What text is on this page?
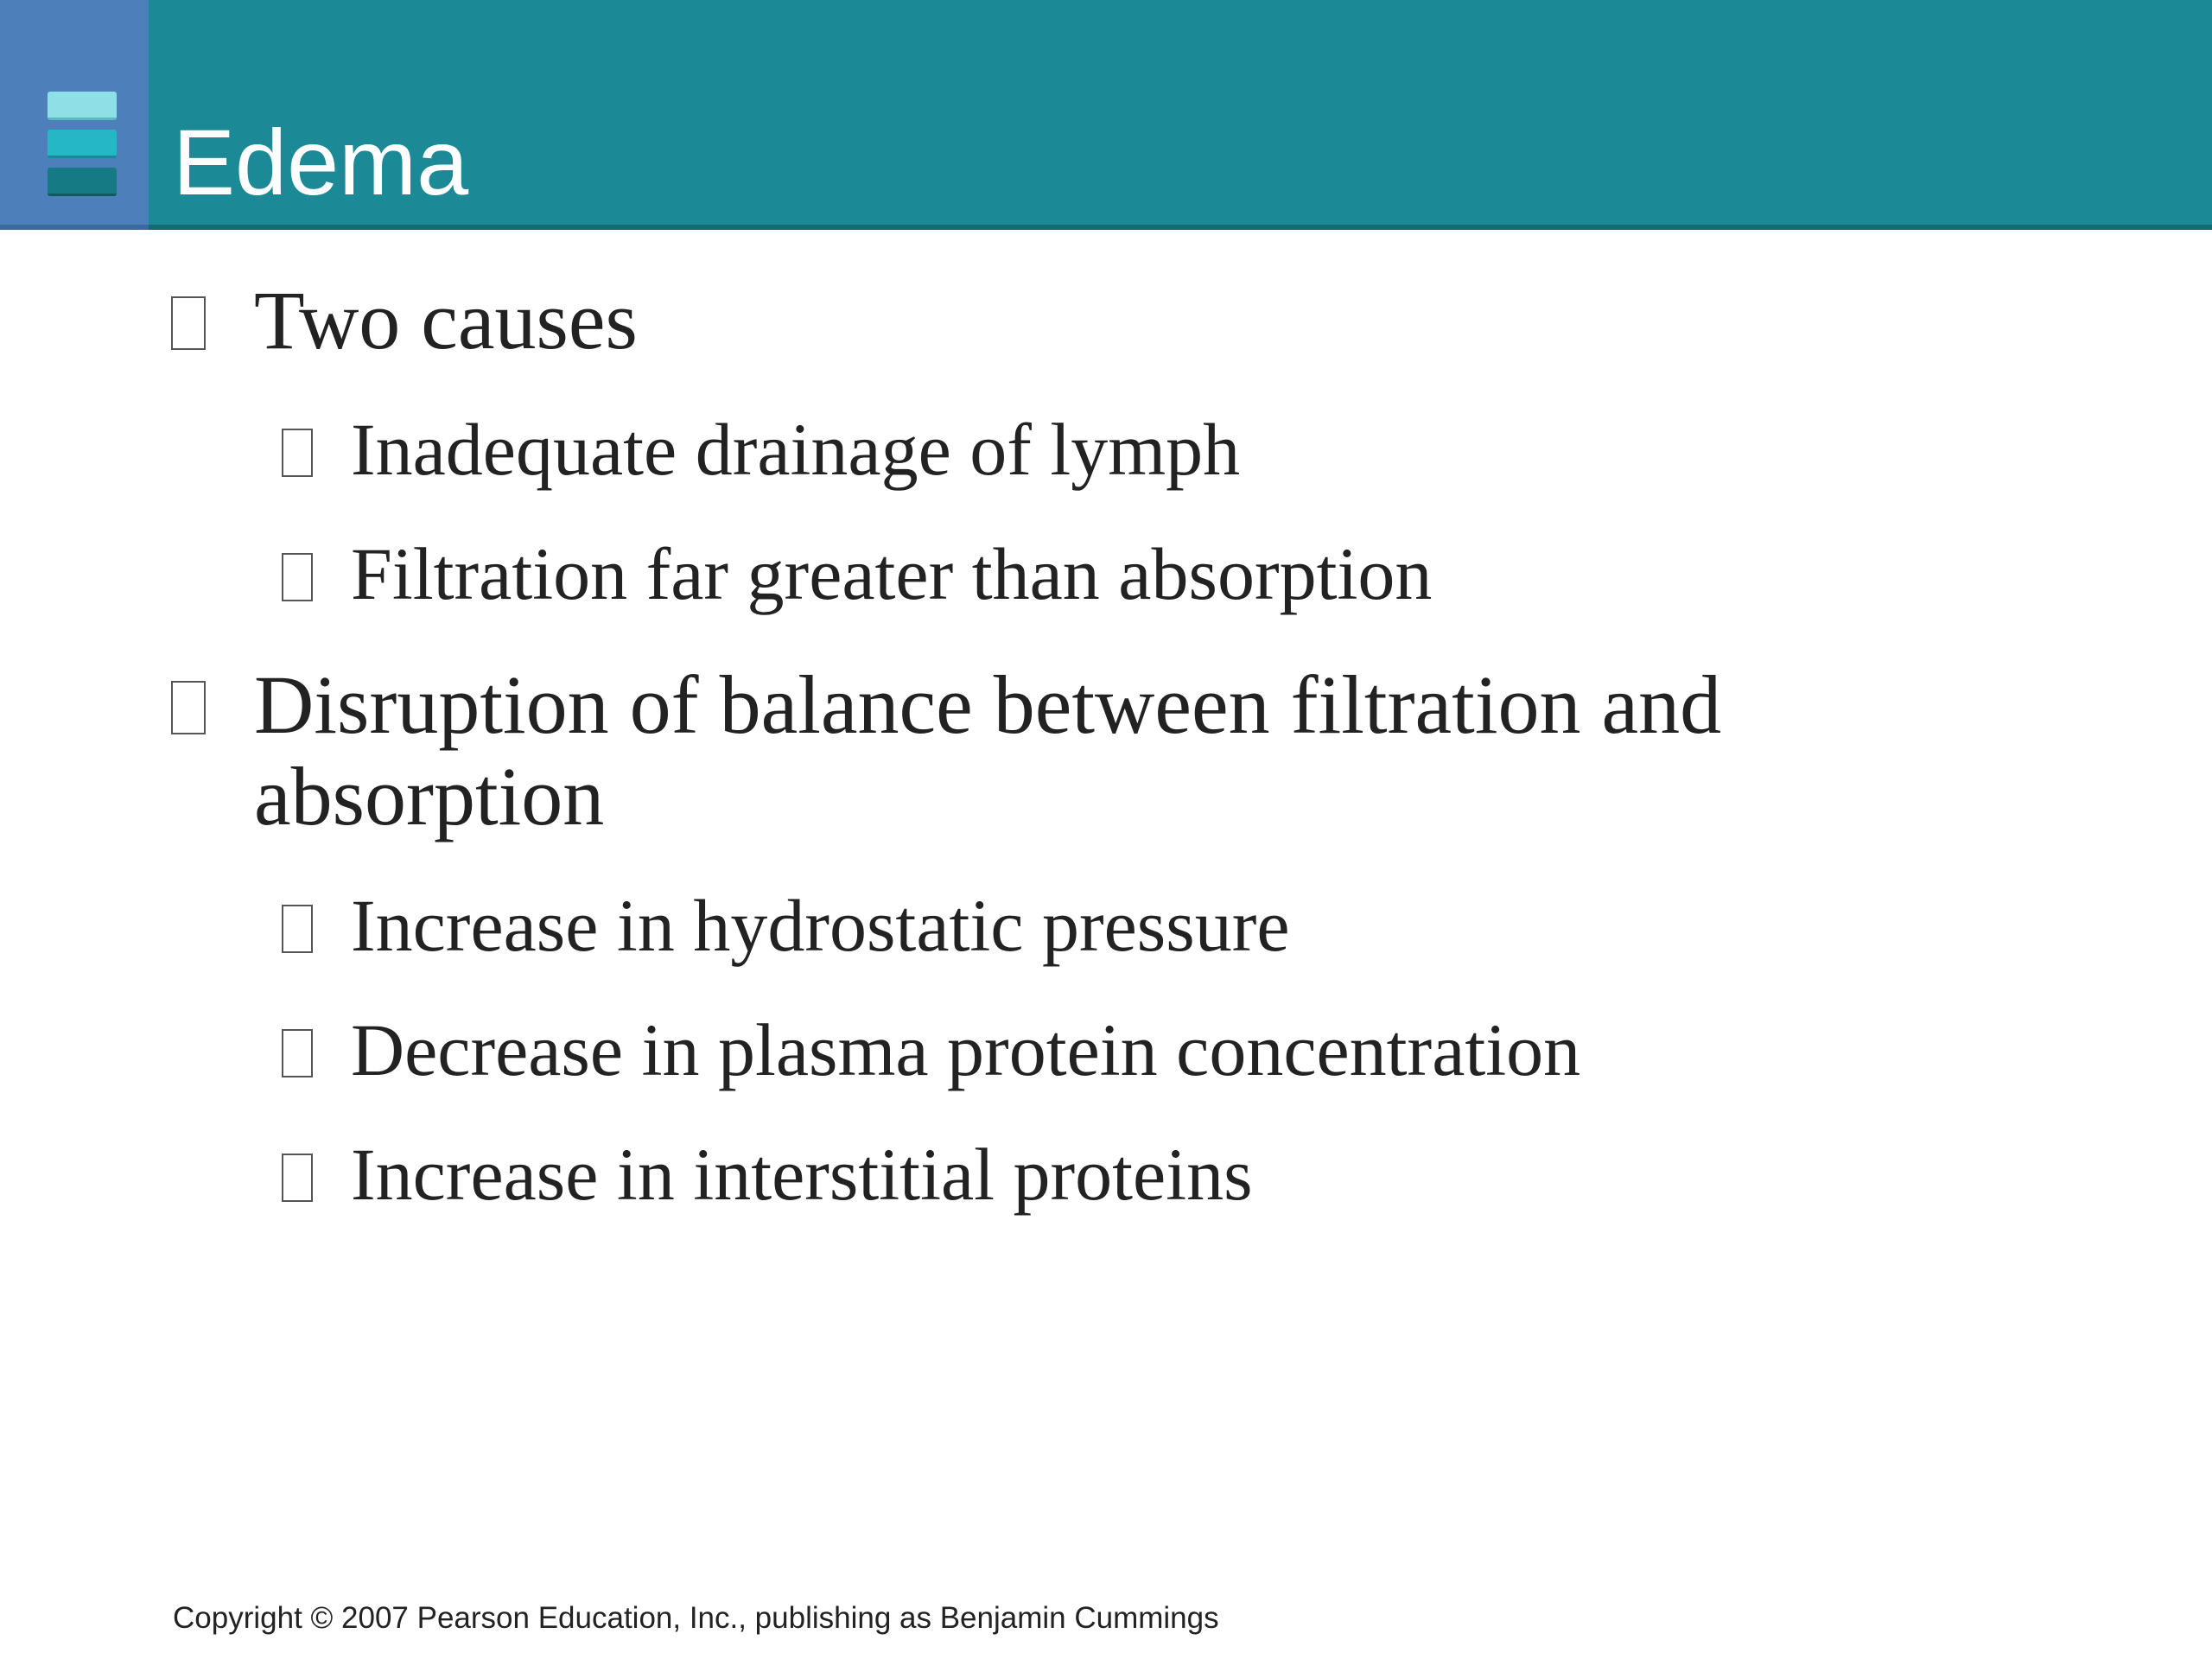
Edema
Two causes
Inadequate drainage of lymph
Filtration far greater than absorption
Disruption of balance between filtration and absorption
Increase in hydrostatic pressure
Decrease in plasma protein concentration
Increase in interstitial proteins
Copyright © 2007 Pearson Education, Inc., publishing as Benjamin Cummings
